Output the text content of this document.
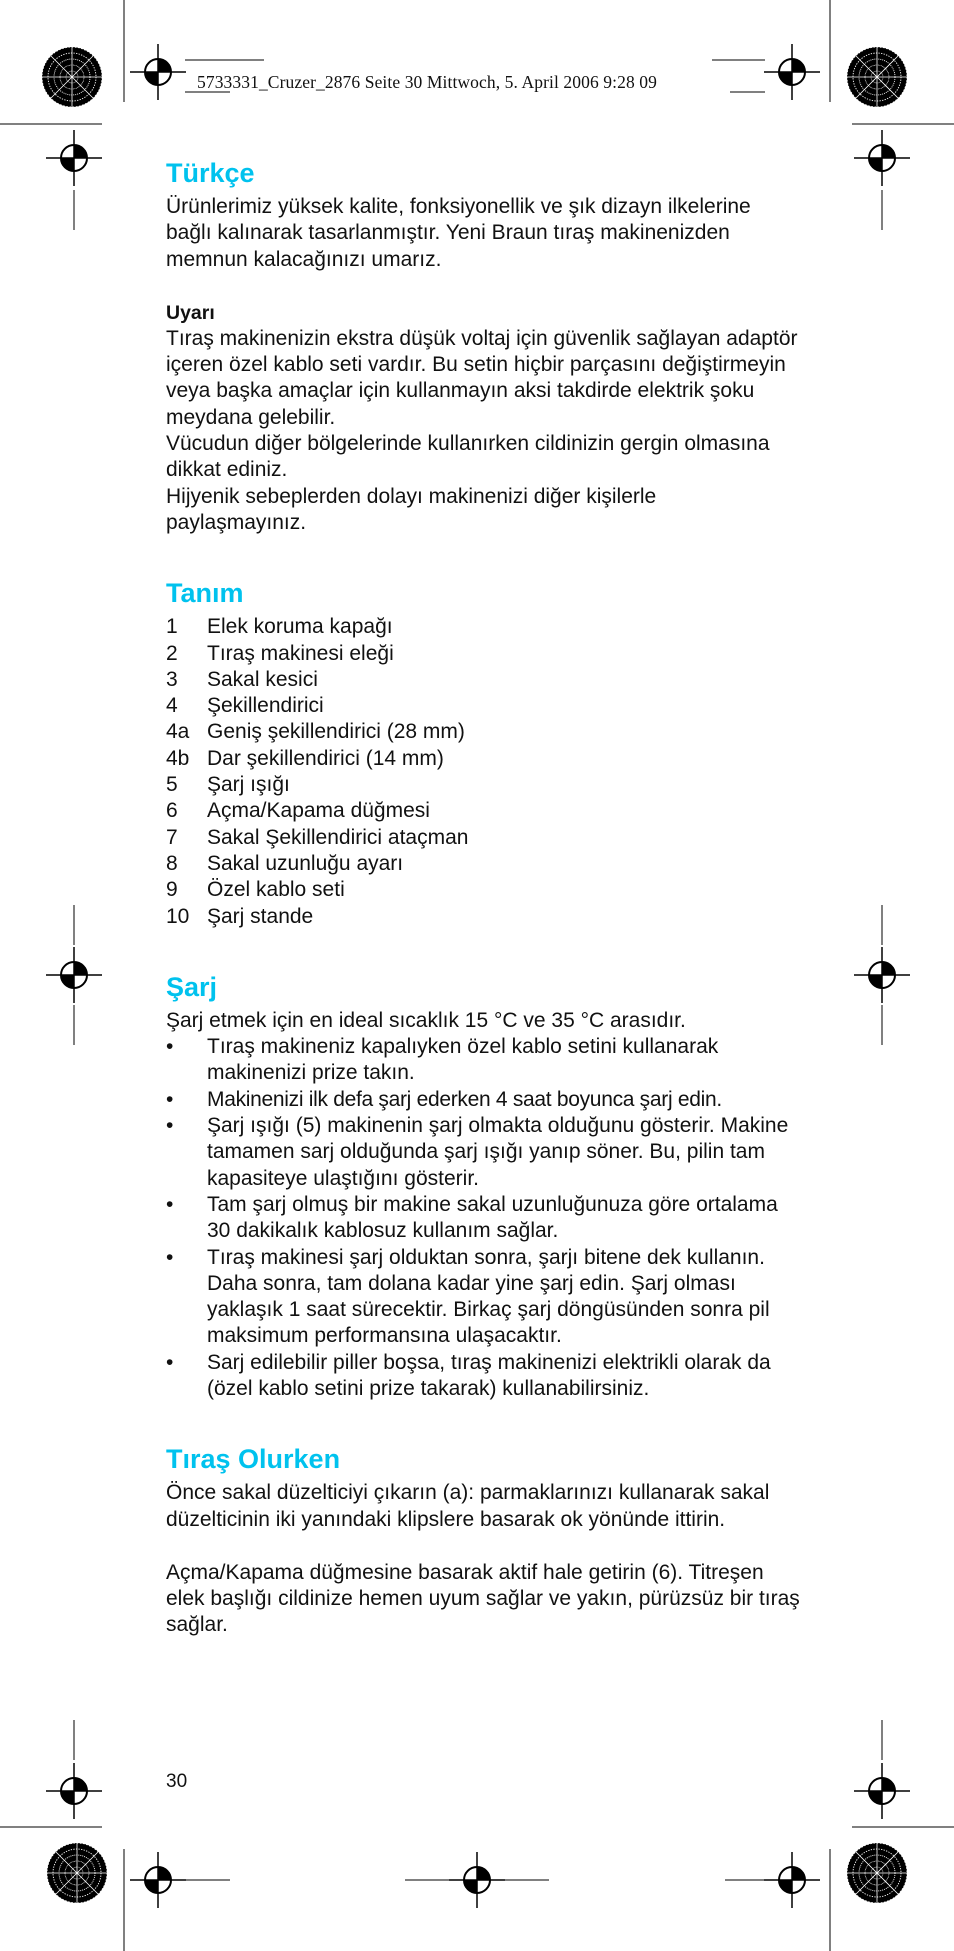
5733331_Cruzer_2876 Seite 30 Mittwoch, 5. April 2006 9:28 09
Türkçe

Ürünlerimiz yüksek kalite, fonksiyonellik ve şık dizayn ilkelerine bağlı kalınarak tasarlanmıştır. Yeni Braun tıraş makinenizden memnun kalacağınızı umarız.

Uyarı

Tıraş makinenizin ekstra düşük voltaj için güvenlik sağlayan adaptör içeren özel kablo seti vardır. Bu setin hiçbir parçasını değiştirmeyin veya başka amaçlar için kullanmayın aksi takdirde elektrik şoku meydana gelebilir.

Vücudun diğer bölgelerinde kullanırken cildinizin gergin olmasına dikkat ediniz.

Hijyenik sebeplerden dolayı makinenizi diğer kişilerle paylaşmayınız.

Tanım
1	Elek koruma kapağı
2	Tıraş makinesi eleği
3	Sakal kesici
4	Şekillendirici
4a Geniş şekillendirici (28 mm)
4b Dar şekillendirici (14 mm)
5	Şarj ışığı
6	Açma/Kapama düğmesi
7	Sakal Şekillendirici ataçman
8	Sakal uzunluğu ayarı
9	Özel kablo seti
10 Şarj stande
Şarj

Şarj etmek için en ideal sıcaklık 15 °C ve 35 °C arasıdır.

•	Tıraş makineniz kapalıyken özel kablo setini kullanarak makinenizi prize takın.
•	Makinenizi ilk defa şarj ederken 4 saat boyunca şarj edin.
•	Şarj ışığı (5) makinenin şarj olmakta olduğunu gösterir. Makine tamamen sarj olduğunda şarj ışığı yanıp söner. Bu, pilin tam kapasiteye ulaştığını gösterir.
•	Tam şarj olmuş bir makine sakal uzunluğunuza göre ortalama 30 dakikalık kablosuz kullanım sağlar.
•	Tıraş makinesi şarj olduktan sonra, şarjı bitene dek kullanın. Daha sonra, tam dolana kadar yine şarj edin. Şarj olması yaklaşık 1 saat sürecektir. Birkaç şarj döngüsünden sonra pil maksimum performansına ulaşacaktır.
•	Sarj edilebilir piller boşsa, tıraş makinenizi elektrikli olarak da (özel kablo setini prize takarak) kullanabilirsiniz.
Tıraş Olurken

Önce sakal düzelticiyi çıkarın (a): parmaklarınızı kullanarak sakal düzelticinin iki yanındaki klipslere basarak ok yönünde ittirin.

Açma/Kapama düğmesine basarak aktif hale getirin (6). Titreşen elek başlığı cildinize hemen uyum sağlar ve yakın, pürüzsüz bir tıraş sağlar.

30
